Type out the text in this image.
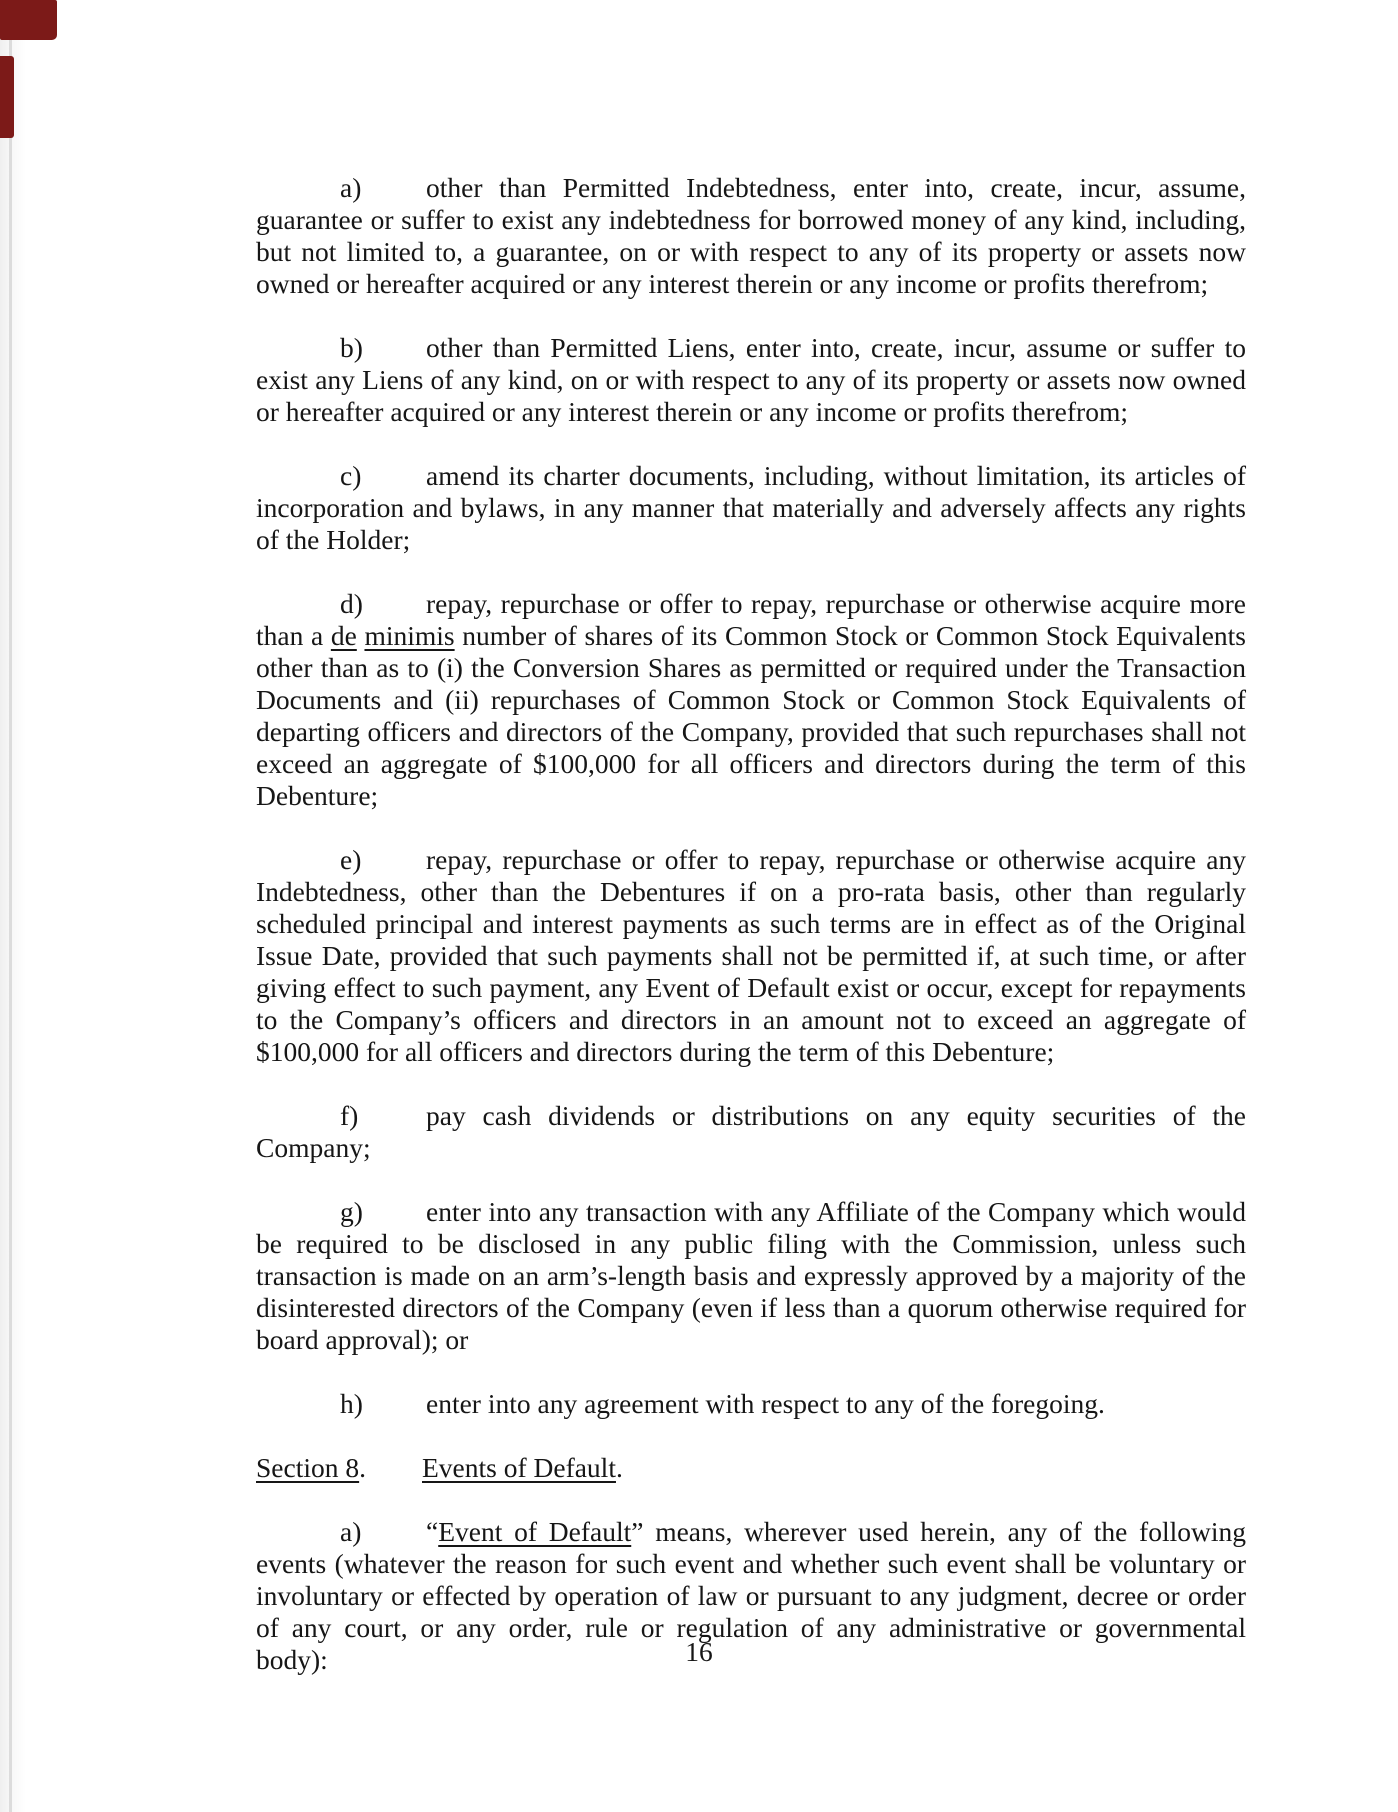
a) other than Permitted Indebtedness, enter into, create, incur, assume, guarantee or suffer to exist any indebtedness for borrowed money of any kind, including, but not limited to, a guarantee, on or with respect to any of its property or assets now owned or hereafter acquired or any interest therein or any income or profits therefrom;

b) other than Permitted Liens, enter into, create, incur, assume or suffer to exist any Liens of any kind, on or with respect to any of its property or assets now owned or hereafter acquired or any interest therein or any income or profits therefrom;

c) amend its charter documents, including, without limitation, its articles of incorporation and bylaws, in any manner that materially and adversely affects any rights of the Holder;

d) repay, repurchase or offer to repay, repurchase or otherwise acquire more than a de minimis number of shares of its Common Stock or Common Stock Equivalents other than as to (i) the Conversion Shares as permitted or required under the Transaction Documents and (ii) repurchases of Common Stock or Common Stock Equivalents of departing officers and directors of the Company, provided that such repurchases shall not exceed an aggregate of $100,000 for all officers and directors during the term of this Debenture;

e) repay, repurchase or offer to repay, repurchase or otherwise acquire any Indebtedness, other than the Debentures if on a pro-rata basis, other than regularly scheduled principal and interest payments as such terms are in effect as of the Original Issue Date, provided that such payments shall not be permitted if, at such time, or after giving effect to such payment, any Event of Default exist or occur, except for repayments to the Company’s officers and directors in an amount not to exceed an aggregate of $100,000 for all officers and directors during the term of this Debenture;

f) pay cash dividends or distributions on any equity securities of the Company;

g) enter into any transaction with any Affiliate of the Company which would be required to be disclosed in any public filing with the Commission, unless such transaction is made on an arm’s-length basis and expressly approved by a majority of the disinterested directors of the Company (even if less than a quorum otherwise required for board approval); or

h) enter into any agreement with respect to any of the foregoing.

Section 8. Events of Default.

a) “Event of Default” means, wherever used herein, any of the following events (whatever the reason for such event and whether such event shall be voluntary or involuntary or effected by operation of law or pursuant to any judgment, decree or order of any court, or any order, rule or regulation of any administrative or governmental body):	16
